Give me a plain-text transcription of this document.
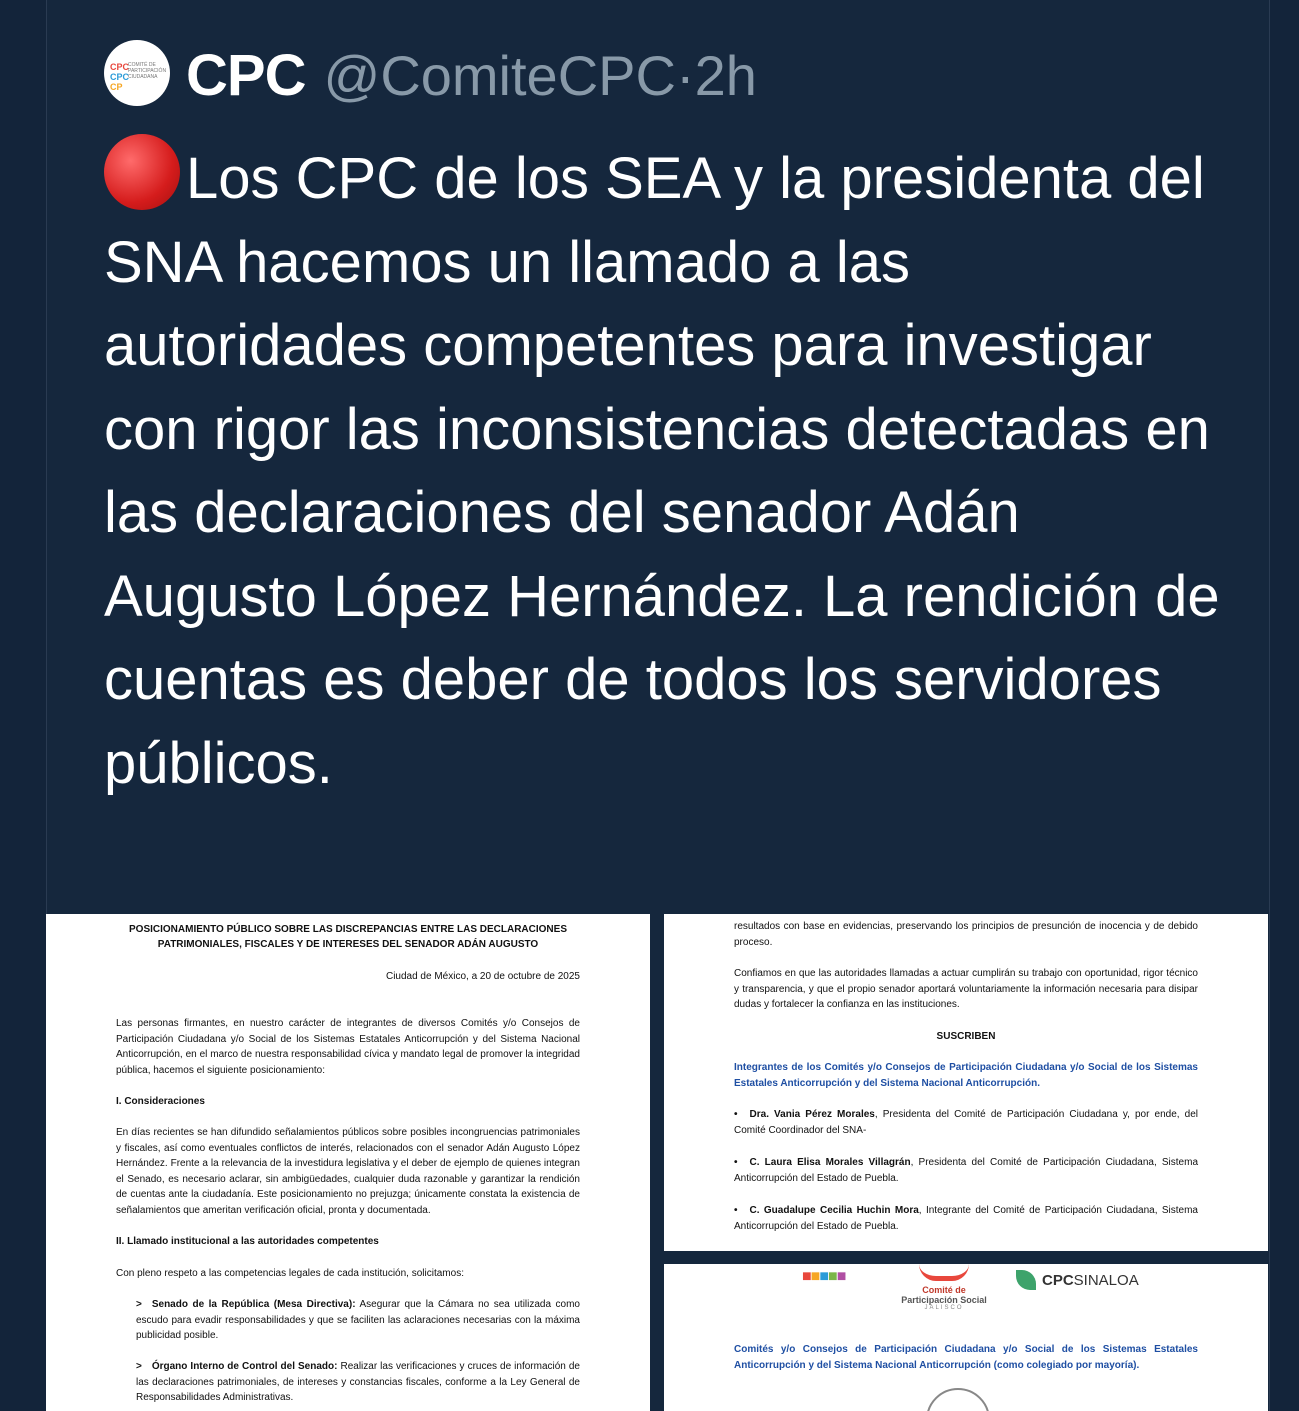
CPC
CPC
CP
COMITÉ DE
PARTICIPACIÓN
CIUDADANA CPC @ComiteCPC·2h
Los CPC de los SEA y la presidenta del SNA hacemos un llamado a las autoridades competentes para investigar con rigor las inconsistencias detectadas en las declaraciones del senador Adán Augusto López Hernández. La rendición de cuentas es deber de todos los servidores públicos.

POSICIONAMIENTO PÚBLICO SOBRE LAS DISCREPANCIAS ENTRE LAS DECLARACIONES

PATRIMONIALES, FISCALES Y DE INTERESES DEL SENADOR ADÁN AUGUSTO

Ciudad de México, a 20 de octubre de 2025

Las personas firmantes, en nuestro carácter de integrantes de diversos Comités y/o Consejos de Participación Ciudadana y/o Social de los Sistemas Estatales Anticorrupción y del Sistema Nacional Anticorrupción, en el marco de nuestra responsabilidad cívica y mandato legal de promover la integridad pública, hacemos el siguiente posicionamiento:

I. Consideraciones

En días recientes se han difundido señalamientos públicos sobre posibles incongruencias patrimoniales y fiscales, así como eventuales conflictos de interés, relacionados con el senador Adán Augusto López Hernández. Frente a la relevancia de la investidura legislativa y el deber de ejemplo de quienes integran el Senado, es necesario aclarar, sin ambigüedades, cualquier duda razonable y garantizar la rendición de cuentas ante la ciudadanía. Este posicionamiento no prejuzga; únicamente constata la existencia de señalamientos que ameritan verificación oficial, pronta y documentada.

II. Llamado institucional a las autoridades competentes

Con pleno respeto a las competencias legales de cada institución, solicitamos:

> Senado de la República (Mesa Directiva): Asegurar que la Cámara no sea utilizada como escudo para evadir responsabilidades y que se faciliten las aclaraciones necesarias con la máxima publicidad posible.

> Órgano Interno de Control del Senado: Realizar las verificaciones y cruces de información de las declaraciones patrimoniales, de intereses y constancias fiscales, conforme a la Ley General de Responsabilidades Administrativas.

resultados con base en evidencias, preservando los principios de presunción de inocencia y de debido proceso.

Confiamos en que las autoridades llamadas a actuar cumplirán su trabajo con oportunidad, rigor técnico y transparencia, y que el propio senador aportará voluntariamente la información necesaria para disipar dudas y fortalecer la confianza en las instituciones.

SUSCRIBEN

Integrantes de los Comités y/o Consejos de Participación Ciudadana y/o Social de los Sistemas Estatales Anticorrupción y del Sistema Nacional Anticorrupción.

• Dra. Vania Pérez Morales, Presidenta del Comité de Participación Ciudadana y, por ende, del Comité Coordinador del SNA-

• C. Laura Elisa Morales Villagrán, Presidenta del Comité de Participación Ciudadana, Sistema Anticorrupción del Estado de Puebla.

• C. Guadalupe Cecilia Huchin Mora, Integrante del Comité de Participación Ciudadana, Sistema Anticorrupción del Estado de Puebla.

■■■■■
Comité de
Participación Social
JALISCO
CPCSINALOA

Comités y/o Consejos de Participación Ciudadana y/o Social de los Sistemas Estatales Anticorrupción y del Sistema Nacional Anticorrupción (como colegiado por mayoría).
